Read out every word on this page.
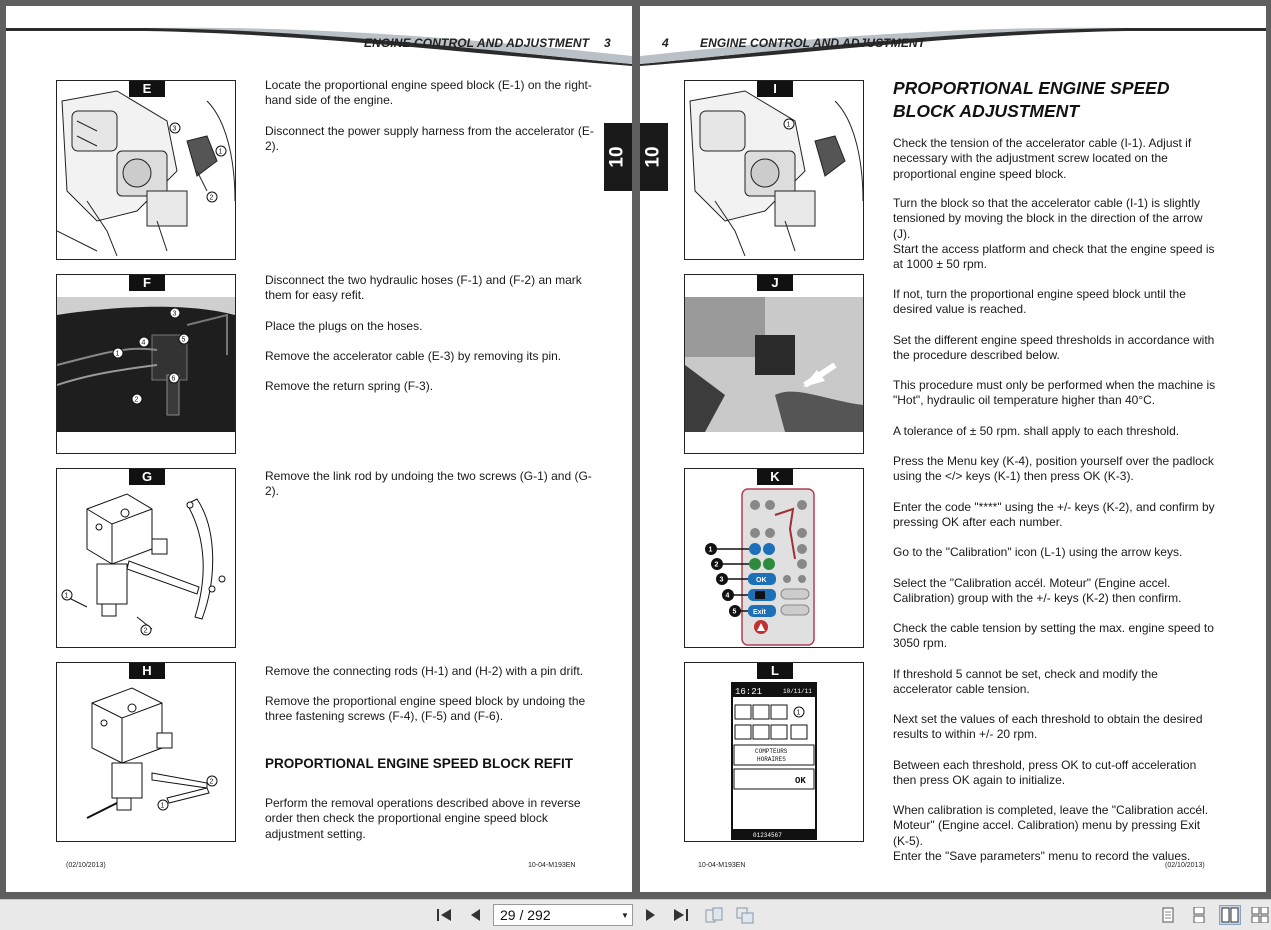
ENGINE CONTROL AND ADJUSTMENT 3
10
E
3
1
2
F
3
4	5
1
6
2
G
1
2
H
1
2

Locate the proportional engine speed block (E-1) on the right-hand side of the engine.

Disconnect the power supply harness from the accelerator (E-2).

Disconnect the two hydraulic hoses (F-1) and (F-2) an mark them for easy refit.

Place the plugs on the hoses.

Remove the accelerator cable (E-3) by removing its pin.

Remove the return spring (F-3).

Remove the link rod by undoing the two screws (G-1) and (G-2).

Remove the connecting rods (H-1) and (H-2) with a pin drift.

Remove the proportional engine speed block by undoing the three fastening screws (F-4), (F-5) and (F-6).

PROPORTIONAL ENGINE SPEED BLOCK REFIT

Perform the removal operations described above in reverse order then check the proportional engine speed block adjustment setting.

(02/10/2013)	10-04-M193EN
4	ENGINE CONTROL AND ADJUSTMENT
10
I
1
J
K
OK
Exit
1
2
3
4
5
L
16:21	10/11/11
1
COMPTEURS
HORAIRES
OK
01234567
PROPORTIONAL ENGINE SPEED BLOCK ADJUSTMENT

Check the tension of the accelerator cable (I-1). Adjust if necessary with the adjustment screw located on the proportional engine speed block.

Turn the block so that the accelerator cable (I-1) is slightly tensioned by moving the block in the direction of the arrow (J).

Start the access platform and check that the engine speed is at 1000 ± 50 rpm.

If not, turn the proportional engine speed block until the desired value is reached.

Set the different engine speed thresholds in accordance with the procedure described below.

This procedure must only be performed when the machine is "Hot", hydraulic oil temperature higher than 40°C.

A tolerance of ± 50 rpm. shall apply to each threshold.

Press the Menu key (K-4), position yourself over the padlock using the </> keys (K-1) then press OK (K-3).

Enter the code "****" using the +/- keys (K-2), and confirm by pressing OK after each number.

Go to the "Calibration" icon (L-1) using the arrow keys.

Select the "Calibration accél. Moteur" (Engine accel. Calibration) group with the +/- keys (K-2) then confirm.

Check the cable tension by setting the max. engine speed to 3050 rpm.

If threshold 5 cannot be set, check and modify the accelerator cable tension.

Next set the values of each threshold to obtain the desired results to within +/- 20 rpm.

Between each threshold, press OK to cut-off acceleration then press OK again to initialize.

When calibration is completed, leave the "Calibration accél. Moteur" (Engine accel. Calibration) menu by pressing Exit (K-5).

Enter the "Save parameters" menu to record the values.

10-04-M193EN	(02/10/2013)
29 / 292	▼
